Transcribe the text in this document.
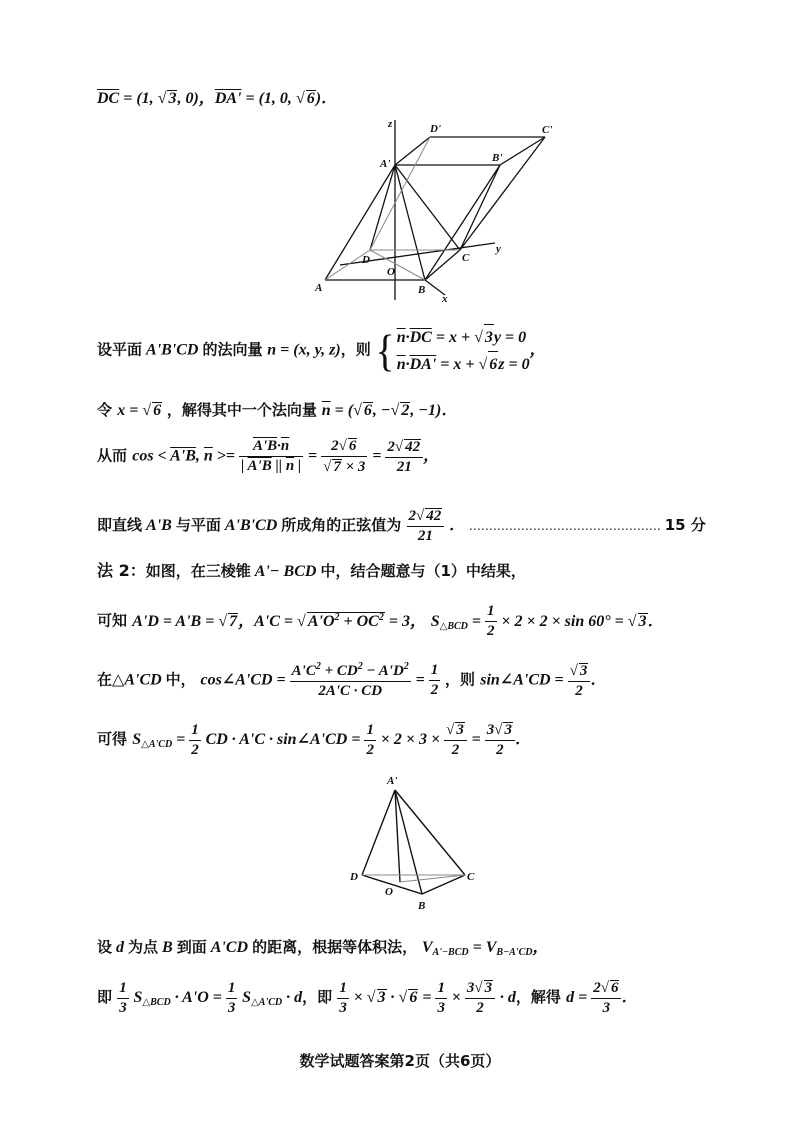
$\overline{DC} = (1$, √ 3, 0)，DA' = (1, 0, √ 6)．
z	D'	C'
A'	B'
D
O
C
y
A	B
x
设平面 A'B'CD 的法向量 n = (x, y, z)，则 { $\overline{n}\cdot\overline{DC} = x$ + √ 3y = 0
$\overline{n}\cdot DA' = x$ + √ 6z = 0
，
令 x = √ 6 ，解得其中一个法向量 $\overline{n}$ = (√ 6, −√ 2, −1)．
从而 cos < A'B, $\overline{n} >= \frac{A'B\cdot\overline{n}}{| A'B || \overline{n} |} = \frac{2√ 6}{√ 7 \times 3} = \frac{2√ 42}{21}$ ，
即直线 A'B 与平面 A'B'CD 所成角的正弦值为 $\frac{2√ 42}{21}$ ． ………………………………………… 15 分
法 2：如图，在三棱锥 A'− BCD 中，结合题意与（1）中结果，
可知 A'D = A'B = √ 7，A'C = √ $A'O^2 + OC^2 = 3$， $S_{\triangle BCD} = \frac{1}{2} \times 2 \times 2 \times \sin 60^\circ$ = √ 3．
在△A'CD 中， cos∠A'CD = $\frac{A'C^2 + CD^2 - A'D^2}{2A'C \cdot CD} = \frac{1}{2}$ ，则 sin∠A'CD = $\frac{√ 3}{2}$ ．
可得 $S_{\triangle A'CD} = \frac{1}{2}$ CD · A'C · sin∠A'CD = $\frac{1}{2} \times 2 \times 3 \times \frac{√ 3}{2} = \frac{3√ 3}{2}$ ．
A'
D	C
O
B
设 d 为点 B 到面 A'CD 的距离，根据等体积法， $V_{A'-BCD} = V_{B-A'CD}$，
即 $\frac{1}{3} S_{\triangle BCD} \cdot A'O = \frac{1}{3} S_{\triangle A'CD} \cdot d$，即 $\frac{1}{3}$ × √ 3 · √ $6 = \frac{1}{3} \times \frac{3√ 3}{2} \cdot d$，解得 $d = \frac{2√ 6}{3}$ ．
数学试题答案第2页（共6页）
